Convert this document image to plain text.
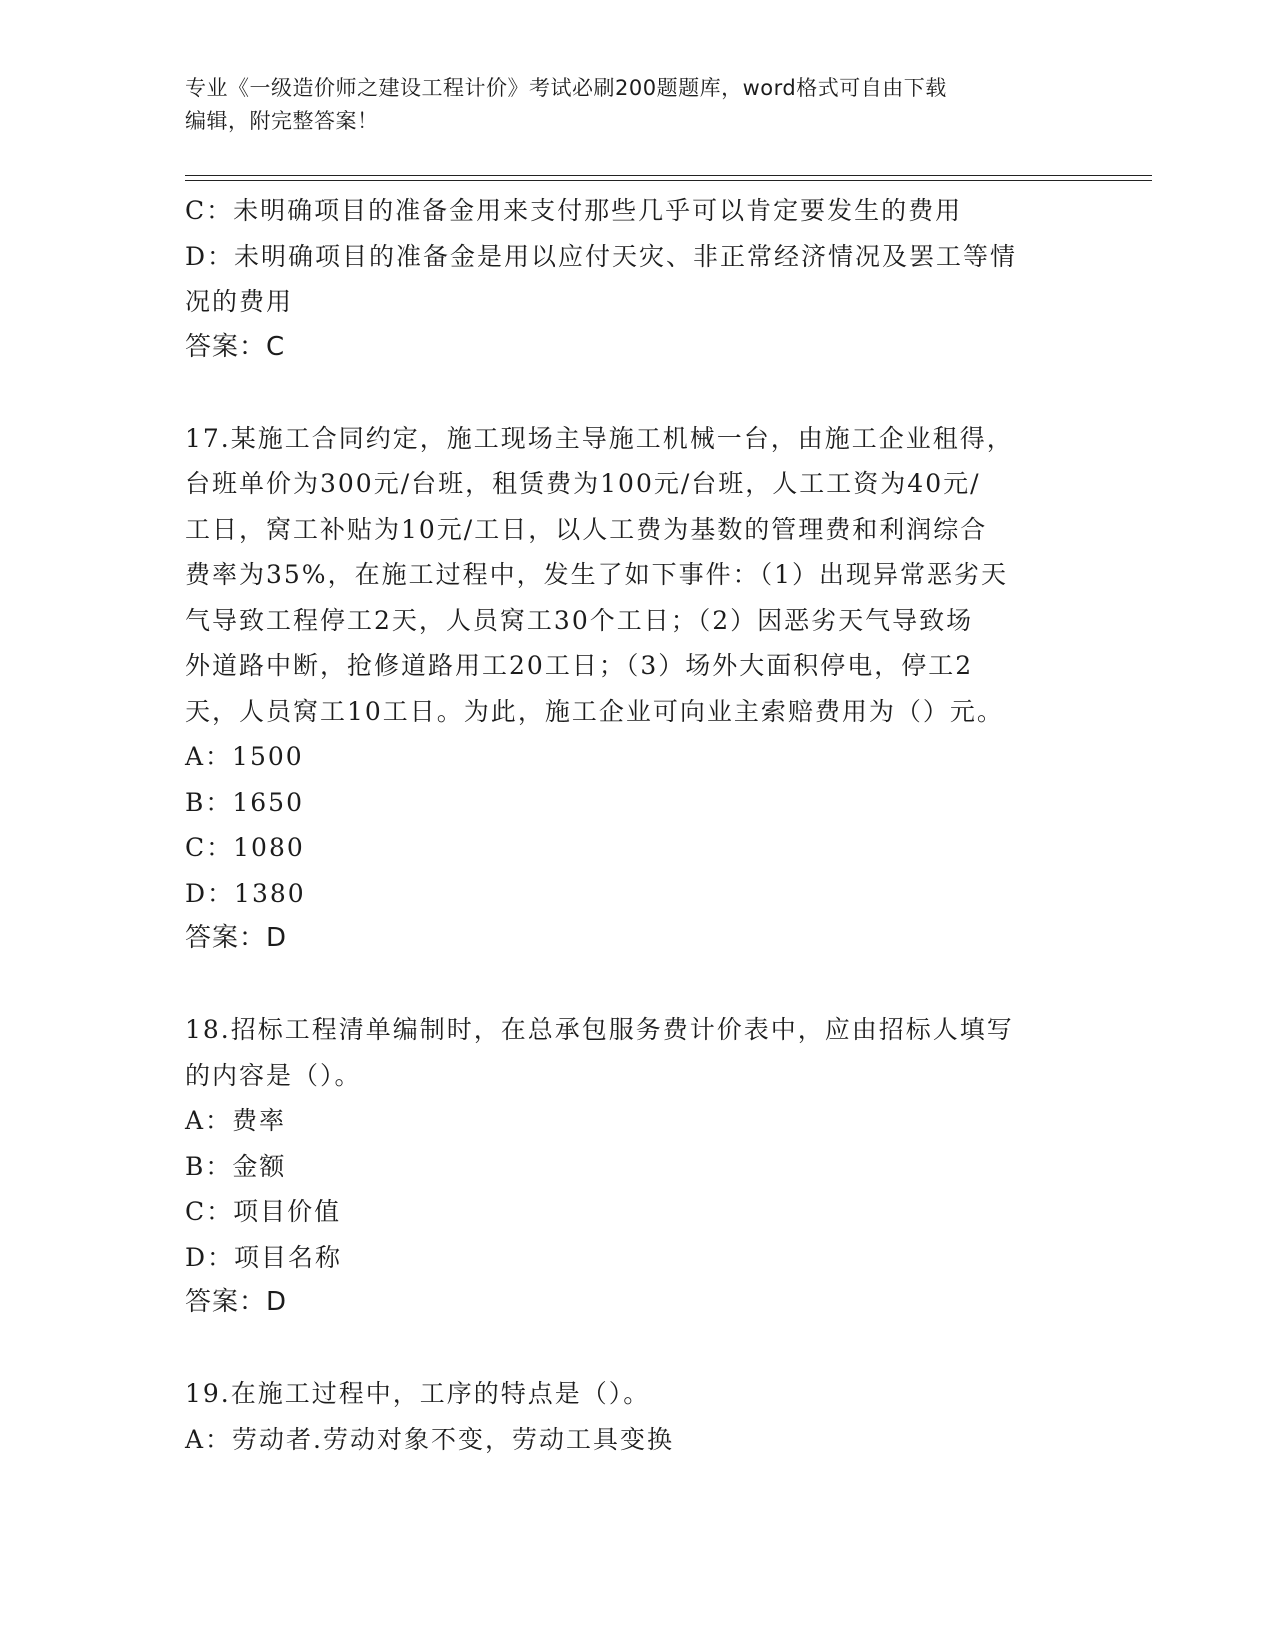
专业《一级造价师之建设工程计价》考试必刷200题题库，word格式可自由下载
编辑，附完整答案！
C：未明确项目的准备金用来支付那些几乎可以肯定要发生的费用
D：未明确项目的准备金是用以应付天灾、非正常经济情况及罢工等情
况的费用
答案：C
17.某施工合同约定，施工现场主导施工机械一台，由施工企业租得，
台班单价为300元/台班，租赁费为100元/台班，人工工资为40元/
工日，窝工补贴为10元/工日，以人工费为基数的管理费和利润综合
费率为35%，在施工过程中，发生了如下事件：（1）出现异常恶劣天
气导致工程停工2天，人员窝工30个工日；（2）因恶劣天气导致场
外道路中断，抢修道路用工20工日；（3）场外大面积停电，停工2
天，人员窝工10工日。为此，施工企业可向业主索赔费用为（）元。
A：1500
B：1650
C：1080
D：1380
答案：D
18.招标工程清单编制时，在总承包服务费计价表中，应由招标人填写
的内容是（）。
A：费率
B：金额
C：项目价值
D：项目名称
答案：D
19.在施工过程中，工序的特点是（）。
A：劳动者.劳动对象不变，劳动工具变换
